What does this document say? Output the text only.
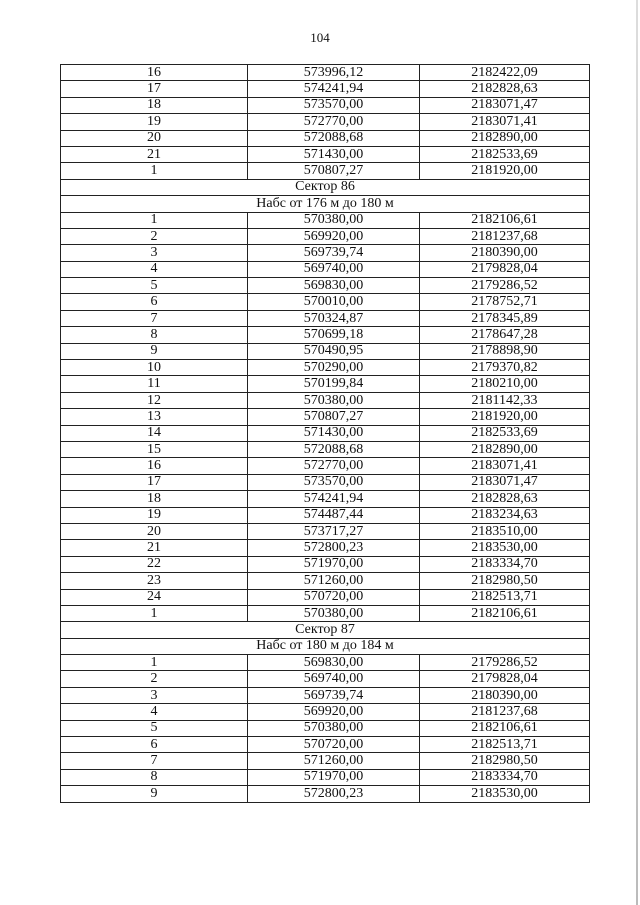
104
16	573996,12	2182422,09
17	574241,94	2182828,63
18	573570,00	2183071,47
19	572770,00	2183071,41
20	572088,68	2182890,00
21	571430,00	2182533,69
1	570807,27	2181920,00
Сектор 86		
Набс от 176 м до 180 м		
1	570380,00	2182106,61
2	569920,00	2181237,68
3	569739,74	2180390,00
4	569740,00	2179828,04
5	569830,00	2179286,52
6	570010,00	2178752,71
7	570324,87	2178345,89
8	570699,18	2178647,28
9	570490,95	2178898,90
10	570290,00	2179370,82
11	570199,84	2180210,00
12	570380,00	2181142,33
13	570807,27	2181920,00
14	571430,00	2182533,69
15	572088,68	2182890,00
16	572770,00	2183071,41
17	573570,00	2183071,47
18	574241,94	2182828,63
19	574487,44	2183234,63
20	573717,27	2183510,00
21	572800,23	2183530,00
22	571970,00	2183334,70
23	571260,00	2182980,50
24	570720,00	2182513,71
1	570380,00	2182106,61
Сектор 87		
Набс от 180 м до 184 м		
1	569830,00	2179286,52
2	569740,00	2179828,04
3	569739,74	2180390,00
4	569920,00	2181237,68
5	570380,00	2182106,61
6	570720,00	2182513,71
7	571260,00	2182980,50
8	571970,00	2183334,70
9	572800,23	2183530,00
